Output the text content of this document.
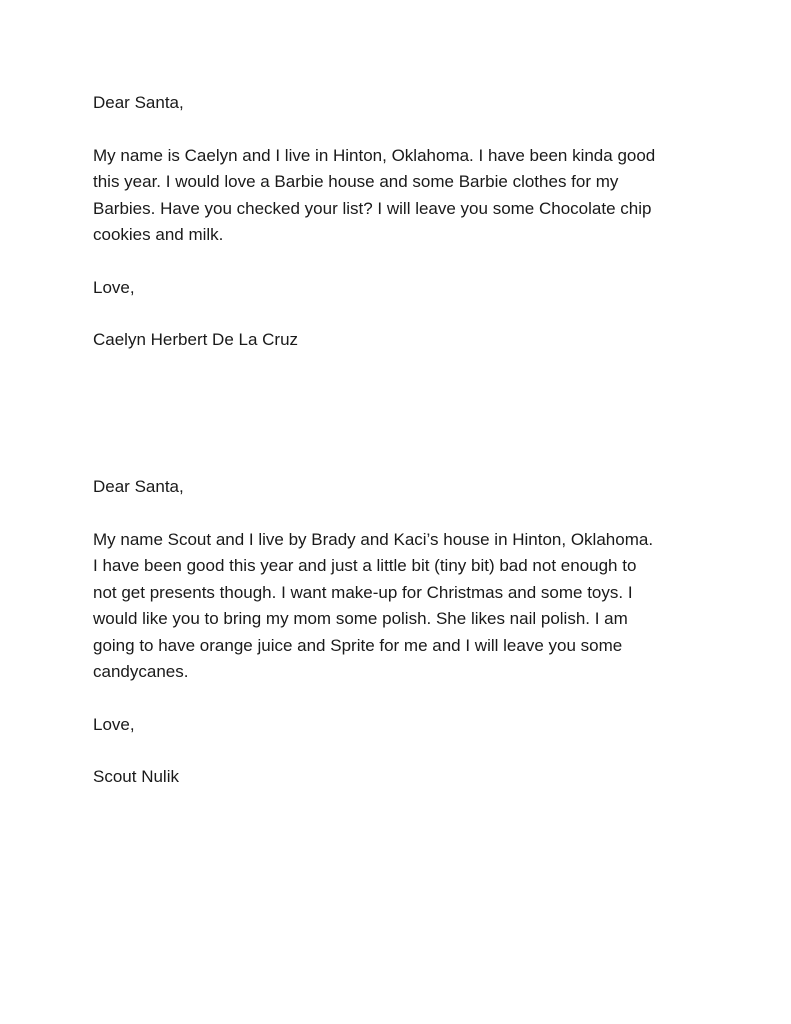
Dear Santa,

My name is Caelyn and I live in Hinton, Oklahoma. I have been kinda good
this year. I would love a Barbie house and some Barbie clothes for my
Barbies. Have you checked your list? I will leave you some Chocolate chip
cookies and milk.

Love,

Caelyn Herbert De La Cruz

Dear Santa,

My name Scout and I live by Brady and Kaci’s house in Hinton, Oklahoma.
I have been good this year and just a little bit (tiny bit) bad not enough to
not get presents though. I want make-up for Christmas and some toys. I
would like you to bring my mom some polish. She likes nail polish. I am
going to have orange juice and Sprite for me and I will leave you some
candycanes.

Love,

Scout Nulik
